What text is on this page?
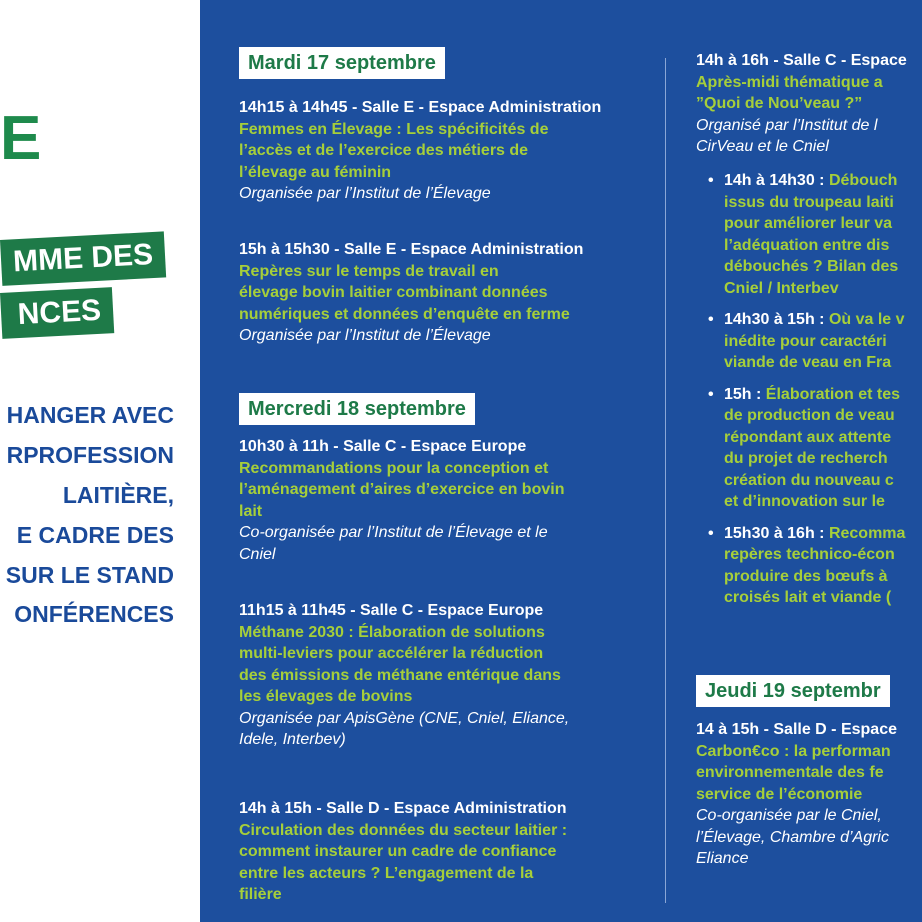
E
MME DES
NCES
HANGER AVEC
RPROFESSION
LAITIÈRE,
E CADRE DES
SUR LE STAND
ONFÉRENCES
Mardi 17 septembre
14h15 à 14h45 - Salle E - Espace Administration
Femmes en Élevage : Les spécificités de
l’accès et de l’exercice des métiers de
l’élevage au féminin
Organisée par l’Institut de l’Élevage
15h à 15h30 - Salle E - Espace Administration
Repères sur le temps de travail en
élevage bovin laitier combinant données
numériques et données d’enquête en ferme
Organisée par l’Institut de l’Élevage
Mercredi 18 septembre
10h30 à 11h - Salle C - Espace Europe
Recommandations pour la conception et
l’aménagement d’aires d’exercice en bovin
lait
Co-organisée par l’Institut de l’Élevage et le
Cniel
11h15 à 11h45 - Salle C - Espace Europe
Méthane 2030 : Élaboration de solutions
multi-leviers pour accélérer la réduction
des émissions de méthane entérique dans
les élevages de bovins
Organisée par ApisGène (CNE, Cniel, Eliance,
Idele, Interbev)
14h à 15h - Salle D - Espace Administration
Circulation des données du secteur laitier :
comment instaurer un cadre de confiance
entre les acteurs ? L’engagement de la
filière
14h à 16h - Salle C - Espace
Après-midi thématique a
”Quoi de Nou’veau ?”
Organisé par l’Institut de l
CirVeau et le Cniel
• 14h à 14h30 : Débouch
issus du troupeau laiti
pour améliorer leur va
l’adéquation entre dis
débouchés ? Bilan des
Cniel / Interbev
• 14h30 à 15h : Où va le v
inédite pour caractéri
viande de veau en Fra
• 15h : Élaboration et tes
de production de veau
répondant aux attente
du projet de recherch
création du nouveau c
et d’innovation sur le
• 15h30 à 16h : Recomma
repères technico-écon
produire des bœufs à
croisés lait et viande (
Jeudi 19 septembr
14 à 15h - Salle D - Espace
Carbon€co : la performan
environnementale des fe
service de l’économie
Co-organisée par le Cniel,
l’Élevage, Chambre d’Agric
Eliance
